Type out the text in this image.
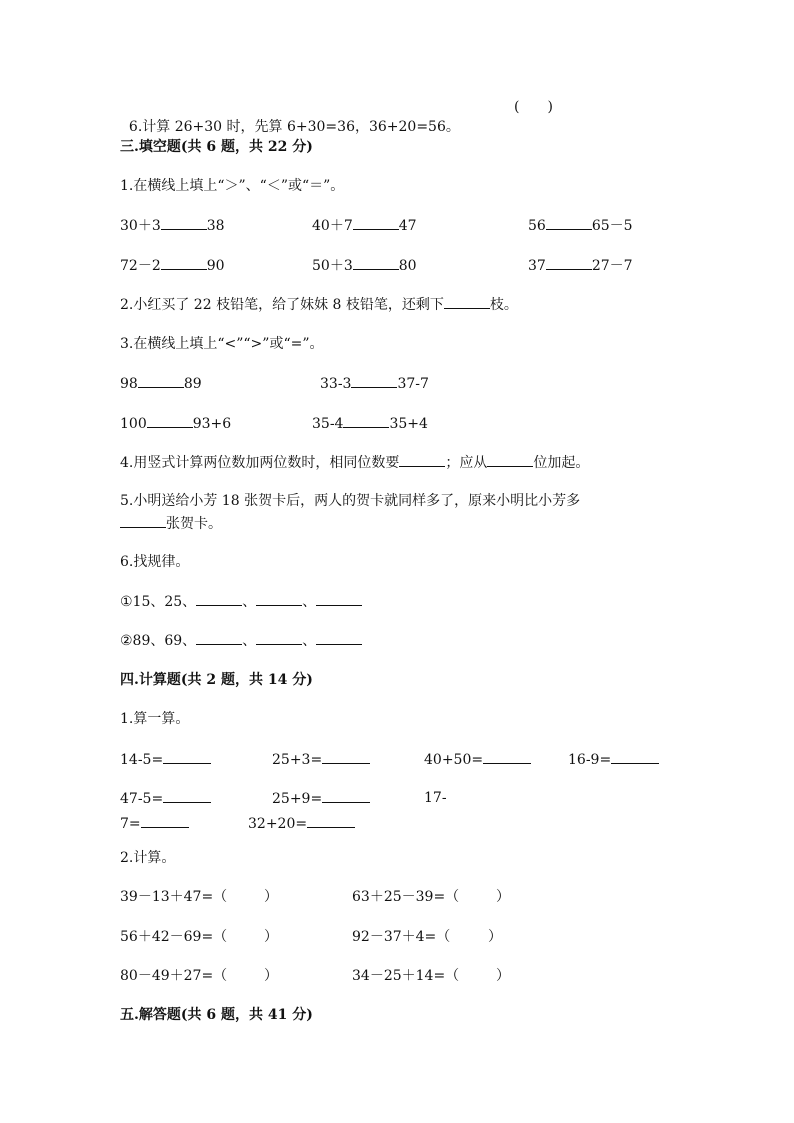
6.计算 26+30 时，先算 6+30=36，36+20=56。

(　　)
三.填空题(共 6 题，共 22 分)
1.在横线上填上“＞”、“＜”或“＝”。
30＋3	38	40＋7	47	56	65－5
72－2	90	50＋3	80	37	27－7
2.小红买了 22 枝铅笔，给了妹妹 8 枝铅笔，还剩下	枝。
3.在横线上填上“<”“>”或“=”。
98	89	33-3	37-7
100	93+6	35-4	35+4
4.用竖式计算两位数加两位数时，相同位数要	；应从	位加起。
5.小明送给小芳 18 张贺卡后，两人的贺卡就同样多了，原来小明比小芳多
张贺卡。
6.找规律。
①15、25、	、	、
②89、69、	、	、
四.计算题(共 2 题，共 14 分)
1.算一算。
14-5=	25+3=	40+50=	16-9=
47-5=	25+9=	17-
7=	32+20=
2.计算。
39－13＋47=（	）	63＋25－39=（	）
56＋42－69=（	）	92－37＋4=（	）
80－49＋27=（	）	34－25＋14=（	）
五.解答题(共 6 题，共 41 分)
